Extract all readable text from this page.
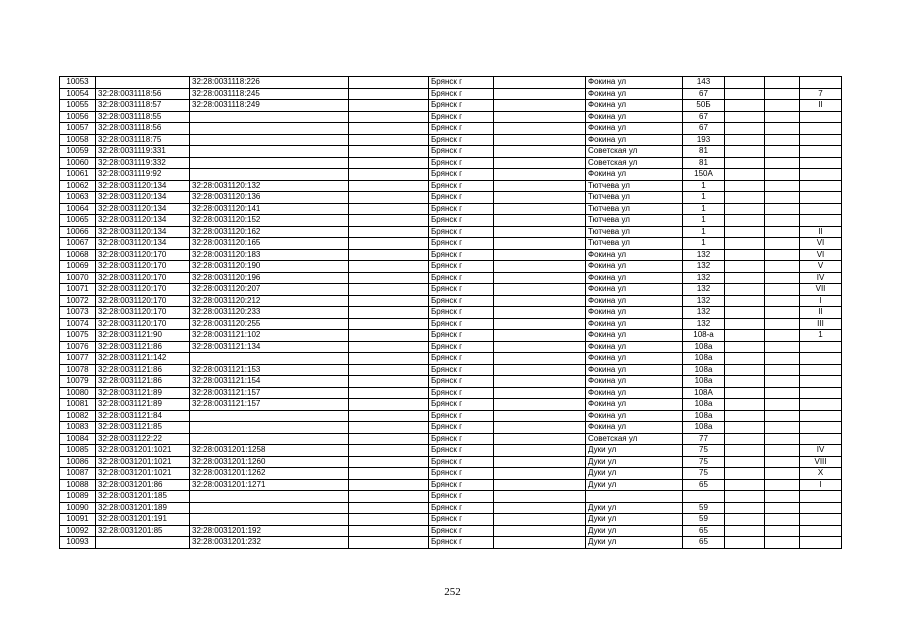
10053		32:28:0031118:226		Брянск г		Фокина ул	143			
10054	32:28:0031118:56	32:28:0031118:245		Брянск г		Фокина ул	67			7
10055	32:28:0031118:57	32:28:0031118:249		Брянск г		Фокина ул	50Б			II
10056	32:28:0031118:55			Брянск г		Фокина ул	67			
10057	32:28:0031118:56			Брянск г		Фокина ул	67			
10058	32:28:0031118:75			Брянск г		Фокина ул	193			
10059	32:28:0031119:331			Брянск г		Советская ул	81			
10060	32:28:0031119:332			Брянск г		Советская ул	81			
10061	32:28:0031119:92			Брянск г		Фокина ул	150А			
10062	32:28:0031120:134	32:28:0031120:132		Брянск г		Тютчева ул	1			
10063	32:28:0031120:134	32:28:0031120:136		Брянск г		Тютчева ул	1			
10064	32:28:0031120:134	32:28:0031120:141		Брянск г		Тютчева ул	1			
10065	32:28:0031120:134	32:28:0031120:152		Брянск г		Тютчева ул	1			
10066	32:28:0031120:134	32:28:0031120:162		Брянск г		Тютчева ул	1			II
10067	32:28:0031120:134	32:28:0031120:165		Брянск г		Тютчева ул	1			VI
10068	32:28:0031120:170	32:28:0031120:183		Брянск г		Фокина ул	132			VI
10069	32:28:0031120:170	32:28:0031120:190		Брянск г		Фокина ул	132			V
10070	32:28:0031120:170	32:28:0031120:196		Брянск г		Фокина ул	132			IV
10071	32:28:0031120:170	32:28:0031120:207		Брянск г		Фокина ул	132			VII
10072	32:28:0031120:170	32:28:0031120:212		Брянск г		Фокина ул	132			I
10073	32:28:0031120:170	32:28:0031120:233		Брянск г		Фокина ул	132			II
10074	32:28:0031120:170	32:28:0031120:255		Брянск г		Фокина ул	132			III
10075	32:28:0031121:90	32:28:0031121:102		Брянск г		Фокина ул	108-а			1
10076	32:28:0031121:86	32:28:0031121:134		Брянск г		Фокина ул	108а			
10077	32:28:0031121:142			Брянск г		Фокина ул	108а			
10078	32:28:0031121:86	32:28:0031121:153		Брянск г		Фокина ул	108а			
10079	32:28:0031121:86	32:28:0031121:154		Брянск г		Фокина ул	108а			
10080	32:28:0031121:89	32:28:0031121:157		Брянск г		Фокина ул	108А			
10081	32:28:0031121:89	32:28:0031121:157		Брянск г		Фокина ул	108а			
10082	32:28:0031121:84			Брянск г		Фокина ул	108а			
10083	32:28:0031121:85			Брянск г		Фокина ул	108а			
10084	32:28:0031122:22			Брянск г		Советская ул	77			
10085	32:28:0031201:1021	32:28:0031201:1258		Брянск г		Дуки ул	75			IV
10086	32:28:0031201:1021	32:28:0031201:1260		Брянск г		Дуки ул	75			VIII
10087	32:28:0031201:1021	32:28:0031201:1262		Брянск г		Дуки ул	75			X
10088	32:28:0031201:86	32:28:0031201:1271		Брянск г		Дуки ул	65			I
10089	32:28:0031201:185			Брянск г						
10090	32:28:0031201:189			Брянск г		Дуки ул	59			
10091	32:28:0031201:191			Брянск г		Дуки ул	59			
10092	32:28:0031201:85	32:28:0031201:192		Брянск г		Дуки ул	65			
10093		32:28:0031201:232		Брянск г		Дуки ул	65			
252
